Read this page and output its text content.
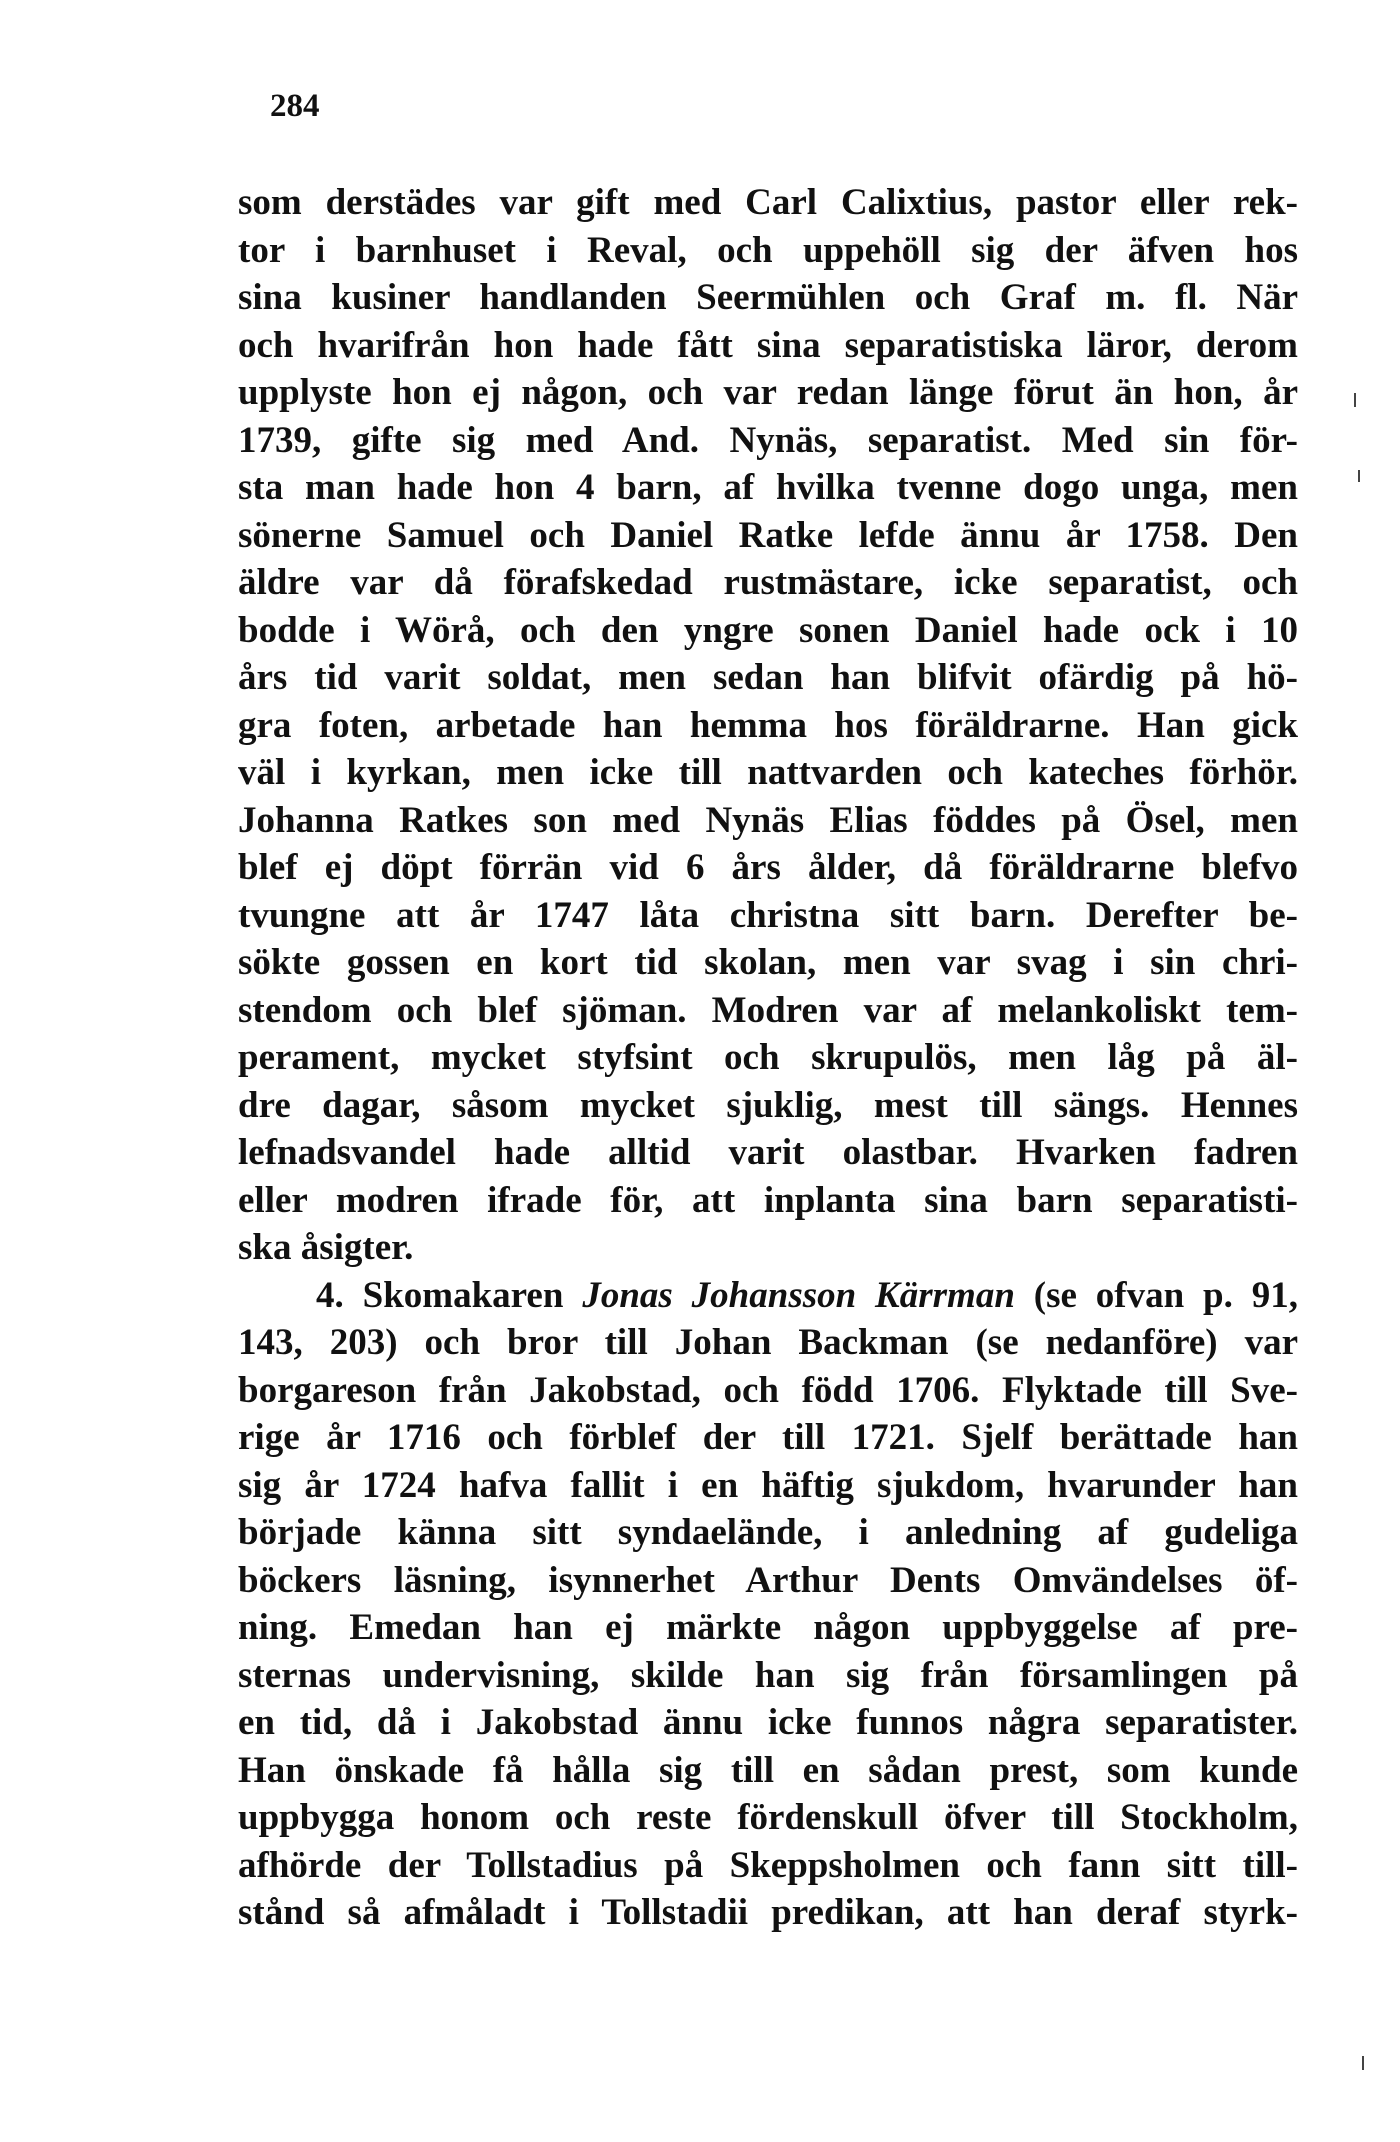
284

som derstädes var gift med Carl Calixtius, pastor eller rek-
tor i barnhuset i Reval, och uppehöll sig der äfven hos
sina kusiner handlanden Seermühlen och Graf m. fl. När
och hvarifrån hon hade fått sina separatistiska läror, derom
upplyste hon ej någon, och var redan länge förut än hon, år
1739, gifte sig med And. Nynäs, separatist. Med sin för-
sta man hade hon 4 barn, af hvilka tvenne dogo unga, men
sönerne Samuel och Daniel Ratke lefde ännu år 1758. Den
äldre var då förafskedad rustmästare, icke separatist, och
bodde i Wörå, och den yngre sonen Daniel hade ock i 10
års tid varit soldat, men sedan han blifvit ofärdig på hö-
gra foten, arbetade han hemma hos föräldrarne. Han gick
väl i kyrkan, men icke till nattvarden och kateches förhör.
Johanna Ratkes son med Nynäs Elias föddes på Ösel, men
blef ej döpt förrän vid 6 års ålder, då föräldrarne blefvo
tvungne att år 1747 låta christna sitt barn. Derefter be-
sökte gossen en kort tid skolan, men var svag i sin chri-
stendom och blef sjöman. Modren var af melankoliskt tem-
perament, mycket styfsint och skrupulös, men låg på äl-
dre dagar, såsom mycket sjuklig, mest till sängs. Hennes
lefnadsvandel hade alltid varit olastbar. Hvarken fadren
eller modren ifrade för, att inplanta sina barn separatisti-
ska åsigter.
4. Skomakaren Jonas Johansson Kärrman (se ofvan p. 91,
143, 203) och bror till Johan Backman (se nedanföre) var
borgareson från Jakobstad, och född 1706. Flyktade till Sve-
rige år 1716 och förblef der till 1721. Sjelf berättade han
sig år 1724 hafva fallit i en häftig sjukdom, hvarunder han
började känna sitt syndaelände, i anledning af gudeliga
böckers läsning, isynnerhet Arthur Dents Omvändelses öf-
ning. Emedan han ej märkte någon uppbyggelse af pre-
sternas undervisning, skilde han sig från församlingen på
en tid, då i Jakobstad ännu icke funnos några separatister.
Han önskade få hålla sig till en sådan prest, som kunde
uppbygga honom och reste fördenskull öfver till Stockholm,
afhörde der Tollstadius på Skeppsholmen och fann sitt till-
stånd så afmåladt i Tollstadii predikan, att han deraf styrk-
